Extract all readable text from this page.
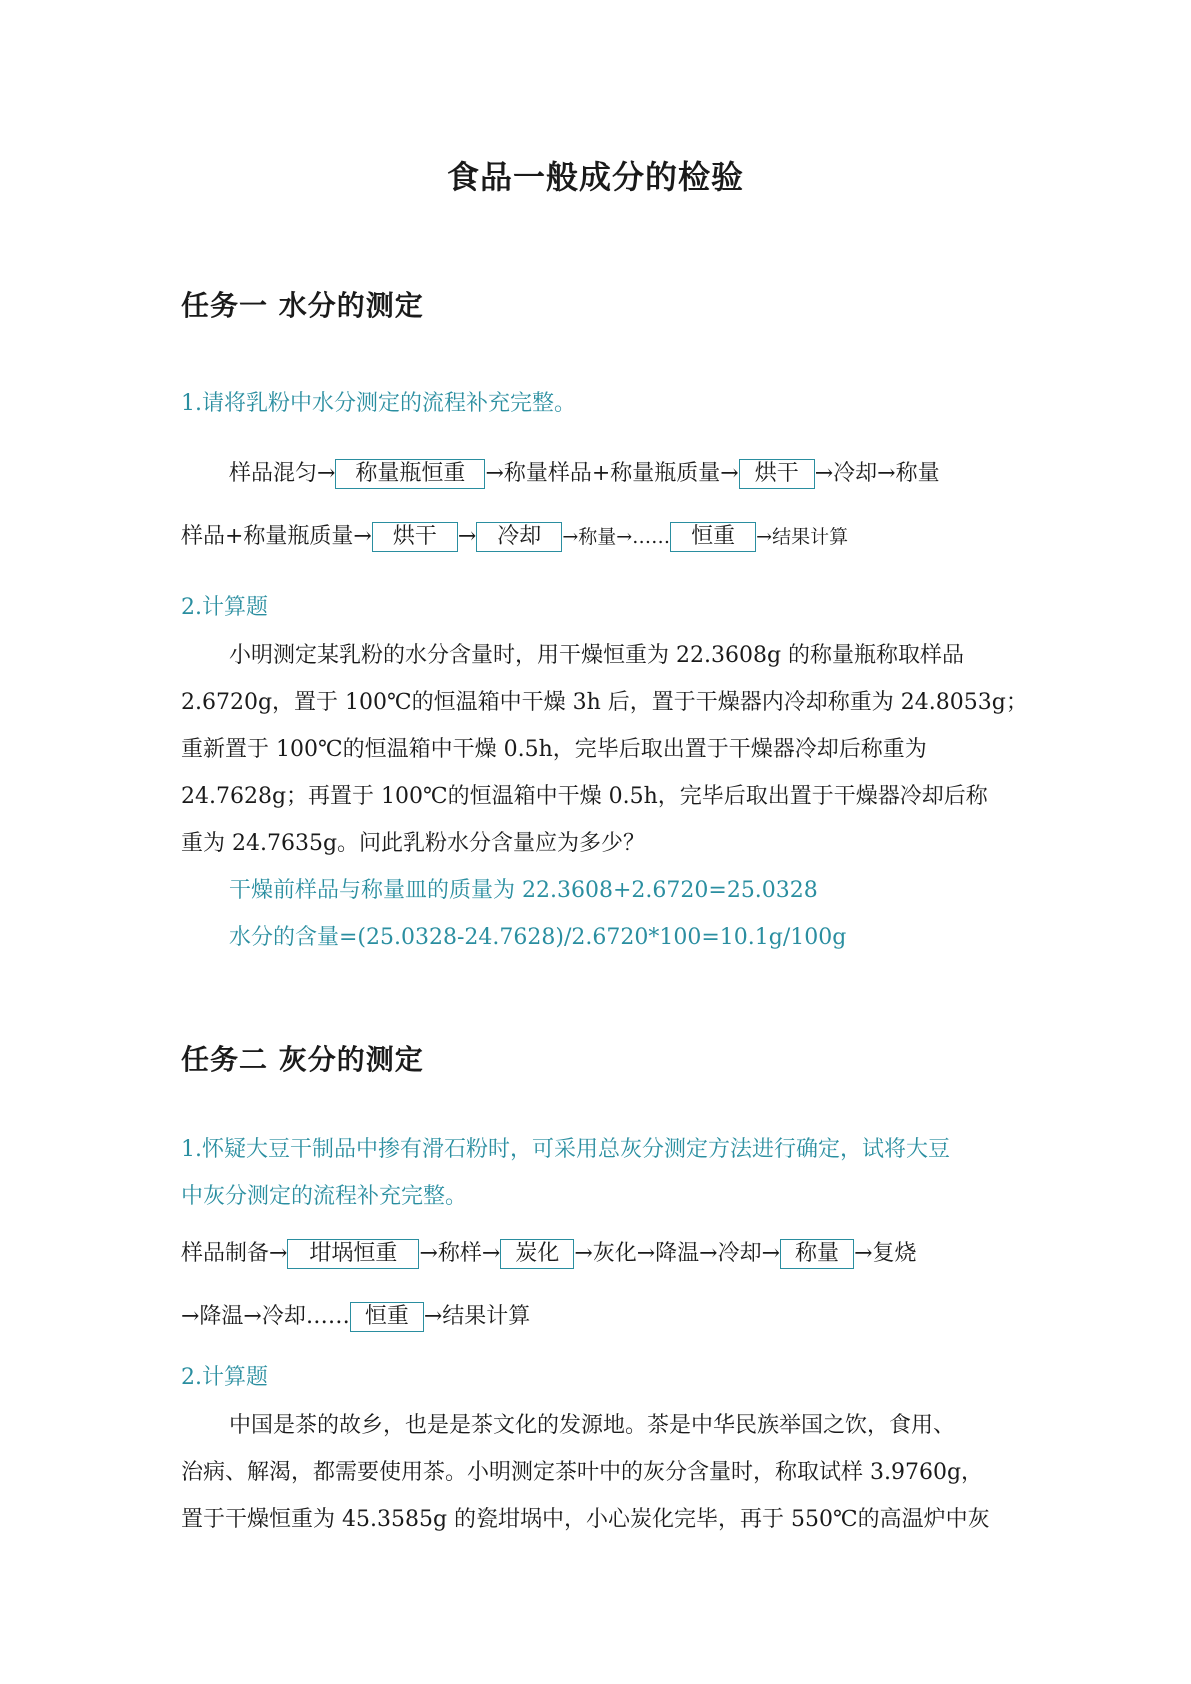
食品一般成分的检验
任务一 水分的测定
1.请将乳粉中水分测定的流程补充完整。
样品混匀→ 称量瓶恒重 →称量样品+称量瓶质量→ 烘干 →冷却→称量
样品+称量瓶质量→ 烘干 → 冷却 →称量→…… 恒重 →结果计算
2.计算题
小明测定某乳粉的水分含量时，用干燥恒重为 22.3608g 的称量瓶称取样品
2.6720g，置于 100℃的恒温箱中干燥 3h 后，置于干燥器内冷却称重为 24.8053g；
重新置于 100℃的恒温箱中干燥 0.5h，完毕后取出置于干燥器冷却后称重为
24.7628g；再置于 100℃的恒温箱中干燥 0.5h，完毕后取出置于干燥器冷却后称
重为 24.7635g。问此乳粉水分含量应为多少？
干燥前样品与称量皿的质量为 22.3608+2.6720=25.0328
水分的含量=(25.0328-24.7628)/2.6720*100=10.1g/100g
任务二 灰分的测定
1.怀疑大豆干制品中掺有滑石粉时，可采用总灰分测定方法进行确定，试将大豆
中灰分测定的流程补充完整。
样品制备→ 坩埚恒重 →称样→ 炭化 →灰化→降温→冷却→ 称量 →复烧
→降温→冷却…… 恒重 →结果计算
2.计算题
中国是茶的故乡，也是是茶文化的发源地。茶是中华民族举国之饮，食用、
治病、解渴，都需要使用茶。小明测定茶叶中的灰分含量时，称取试样 3.9760g，
置于干燥恒重为 45.3585g 的瓷坩埚中，小心炭化完毕，再于 550℃的高温炉中灰
